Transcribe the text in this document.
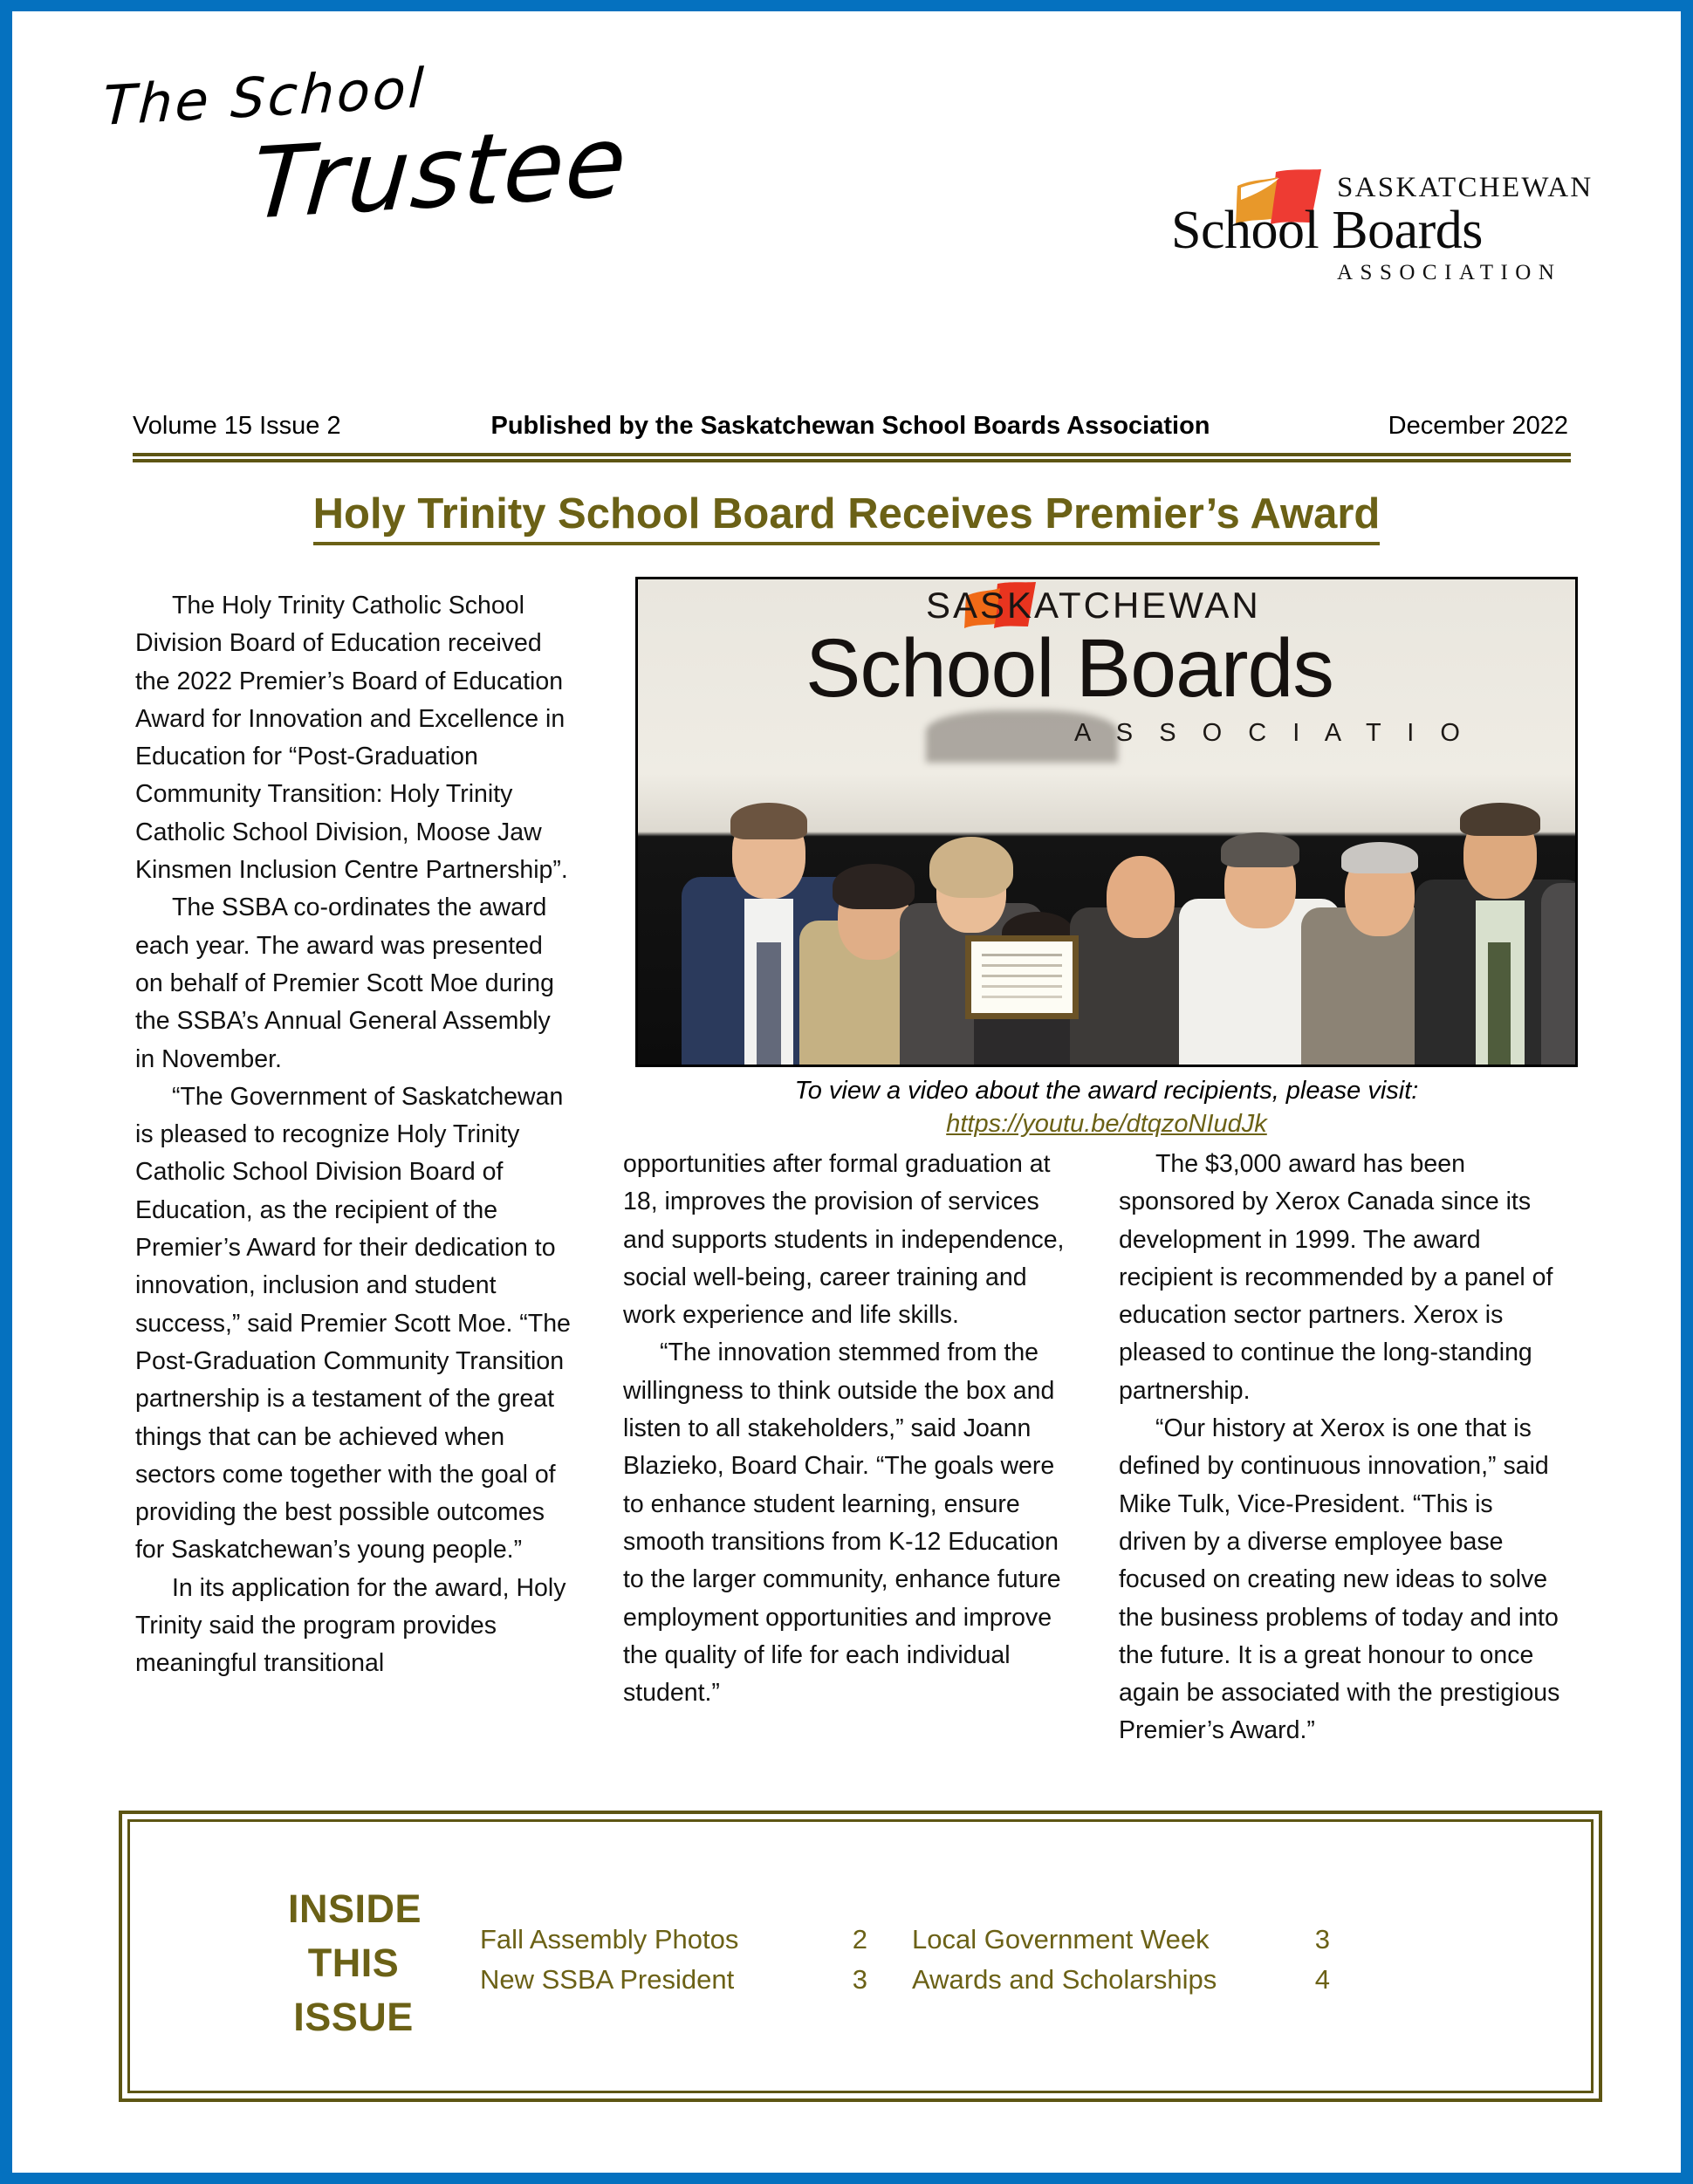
The School
Trustee	SASKATCHEWAN
School Boards
ASSOCIATION
Volume 15 Issue 2	Published by the Saskatchewan School Boards Association	December 2022
Holy Trinity School Board Receives Premier’s Award
SASKATCHEWAN
School Boards
A S S O C I A T I O
To view a video about the award recipients, please visit:
https://youtu.be/dtqzoNIudJk

The Holy Trinity Catholic School Division Board of Education received the 2022 Premier’s Board of Education Award for Innovation and Excellence in Education for “Post-Graduation Community Transition: Holy Trinity Catholic School Division, Moose Jaw Kinsmen Inclusion Centre Partnership”.

The SSBA co-ordinates the award each year. The award was presented on behalf of Premier Scott Moe during the SSBA’s Annual General Assembly in November.

“The Government of Saskatchewan is pleased to recognize Holy Trinity Catholic School Division Board of Education, as the recipient of the Premier’s Award for their dedication to innovation, inclusion and student success,” said Premier Scott Moe. “The Post-Graduation Community Transition partnership is a testament of the great things that can be achieved when sectors come together with the goal of providing the best possible outcomes for Saskatchewan’s young people.”

In its application for the award, Holy Trinity said the program provides meaningful transitional

opportunities after formal graduation at 18, improves the provision of services and supports students in independence, social well-being, career training and work experience and life skills.

“The innovation stemmed from the willingness to think outside the box and listen to all stakeholders,” said Joann Blazieko, Board Chair. “The goals were to enhance student learning, ensure smooth transitions from K-12 Education to the larger community, enhance future employment opportunities and improve the quality of life for each individual student.”

The $3,000 award has been sponsored by Xerox Canada since its development in 1999. The award recipient is recommended by a panel of education sector partners. Xerox is pleased to continue the long-standing partnership.

“Our history at Xerox is one that is defined by continuous innovation,” said Mike Tulk, Vice-President. “This is driven by a diverse employee base focused on creating new ideas to solve the business problems of today and into the future. It is a great honour to once again be associated with the prestigious Premier’s Award.”

INSIDE
THIS
ISSUE
Fall Assembly Photos	2
New SSBA President	3
Local Government Week	3
Awards and Scholarships	4
